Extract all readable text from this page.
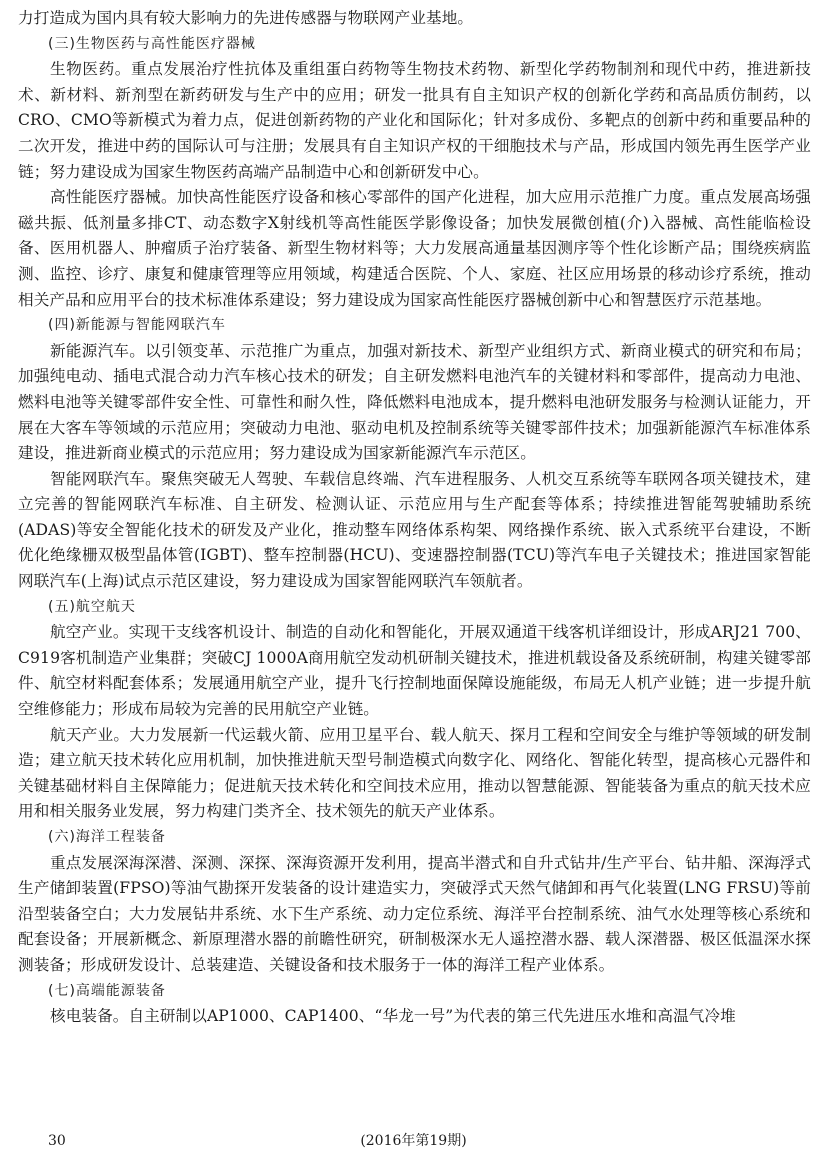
力打造成为国内具有较大影响力的先进传感器与物联网产业基地。

(三)生物医药与高性能医疗器械

生物医药。重点发展治疗性抗体及重组蛋白药物等生物技术药物、新型化学药物制剂和现代中药，推进新技术、新材料、新剂型在新药研发与生产中的应用；研发一批具有自主知识产权的创新化学药和高品质仿制药，以CRO、CMO等新模式为着力点，促进创新药物的产业化和国际化；针对多成份、多靶点的创新中药和重要品种的二次开发，推进中药的国际认可与注册；发展具有自主知识产权的干细胞技术与产品，形成国内领先再生医学产业链；努力建设成为国家生物医药高端产品制造中心和创新研发中心。

高性能医疗器械。加快高性能医疗设备和核心零部件的国产化进程，加大应用示范推广力度。重点发展高场强磁共振、低剂量多排CT、动态数字X射线机等高性能医学影像设备；加快发展微创植(介)入器械、高性能临检设备、医用机器人、肿瘤质子治疗装备、新型生物材料等；大力发展高通量基因测序等个性化诊断产品；围绕疾病监测、监控、诊疗、康复和健康管理等应用领域，构建适合医院、个人、家庭、社区应用场景的移动诊疗系统，推动相关产品和应用平台的技术标准体系建设；努力建设成为国家高性能医疗器械创新中心和智慧医疗示范基地。

(四)新能源与智能网联汽车

新能源汽车。以引领变革、示范推广为重点，加强对新技术、新型产业组织方式、新商业模式的研究和布局；加强纯电动、插电式混合动力汽车核心技术的研发；自主研发燃料电池汽车的关键材料和零部件，提高动力电池、燃料电池等关键零部件安全性、可靠性和耐久性，降低燃料电池成本，提升燃料电池研发服务与检测认证能力，开展在大客车等领域的示范应用；突破动力电池、驱动电机及控制系统等关键零部件技术；加强新能源汽车标准体系建设，推进新商业模式的示范应用；努力建设成为国家新能源汽车示范区。

智能网联汽车。聚焦突破无人驾驶、车载信息终端、汽车进程服务、人机交互系统等车联网各项关键技术，建立完善的智能网联汽车标准、自主研发、检测认证、示范应用与生产配套等体系；持续推进智能驾驶辅助系统(ADAS)等安全智能化技术的研发及产业化，推动整车网络体系构架、网络操作系统、嵌入式系统平台建设，不断优化绝缘栅双极型晶体管(IGBT)、整车控制器(HCU)、变速器控制器(TCU)等汽车电子关键技术；推进国家智能网联汽车(上海)试点示范区建设，努力建设成为国家智能网联汽车领航者。

(五)航空航天

航空产业。实现干支线客机设计、制造的自动化和智能化，开展双通道干线客机详细设计，形成ARJ21 700、C919客机制造产业集群；突破CJ 1000A商用航空发动机研制关键技术，推进机载设备及系统研制，构建关键零部件、航空材料配套体系；发展通用航空产业，提升飞行控制地面保障设施能级，布局无人机产业链；进一步提升航空维修能力；形成布局较为完善的民用航空产业链。

航天产业。大力发展新一代运载火箭、应用卫星平台、载人航天、探月工程和空间安全与维护等领域的研发制造；建立航天技术转化应用机制，加快推进航天型号制造模式向数字化、网络化、智能化转型，提高核心元器件和关键基础材料自主保障能力；促进航天技术转化和空间技术应用，推动以智慧能源、智能装备为重点的航天技术应用和相关服务业发展，努力构建门类齐全、技术领先的航天产业体系。

(六)海洋工程装备

重点发展深海深潜、深测、深探、深海资源开发利用，提高半潜式和自升式钻井/生产平台、钻井船、深海浮式生产储卸装置(FPSO)等油气勘探开发装备的设计建造实力，突破浮式天然气储卸和再气化装置(LNG FRSU)等前沿型装备空白；大力发展钻井系统、水下生产系统、动力定位系统、海洋平台控制系统、油气水处理等核心系统和配套设备；开展新概念、新原理潜水器的前瞻性研究，研制极深水无人遥控潜水器、载人深潜器、极区低温深水探测装备；形成研发设计、总装建造、关键设备和技术服务于一体的海洋工程产业体系。

(七)高端能源装备

核电装备。自主研制以AP1000、CAP1400、“华龙一号”为代表的第三代先进压水堆和高温气冷堆

30	(2016年第19期)
